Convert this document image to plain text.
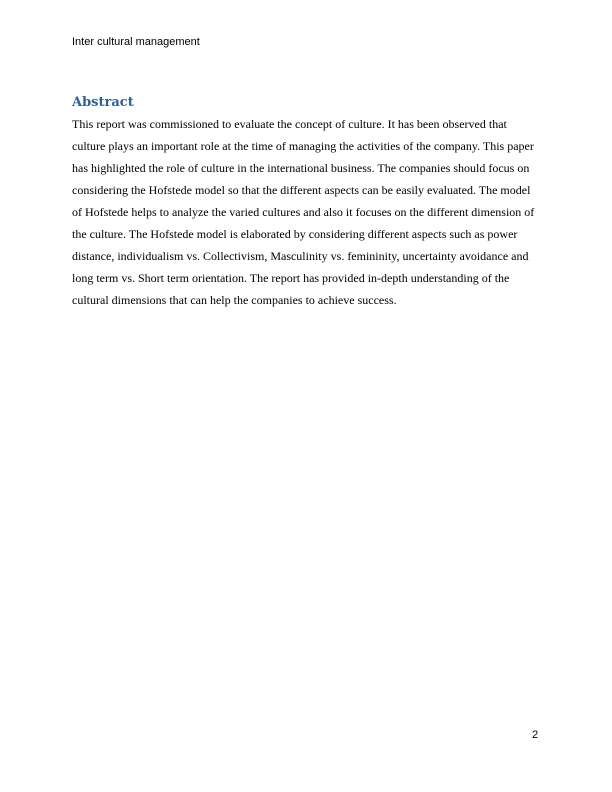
Inter cultural management
Abstract

This report was commissioned to evaluate the concept of culture. It has been observed that culture plays an important role at the time of managing the activities of the company. This paper has highlighted the role of culture in the international business. The companies should focus on considering the Hofstede model so that the different aspects can be easily evaluated. The model of Hofstede helps to analyze the varied cultures and also it focuses on the different dimension of the culture. The Hofstede model is elaborated by considering different aspects such as power distance, individualism vs. Collectivism, Masculinity vs. femininity, uncertainty avoidance and long term vs. Short term orientation. The report has provided in-depth understanding of the cultural dimensions that can help the companies to achieve success.

2
